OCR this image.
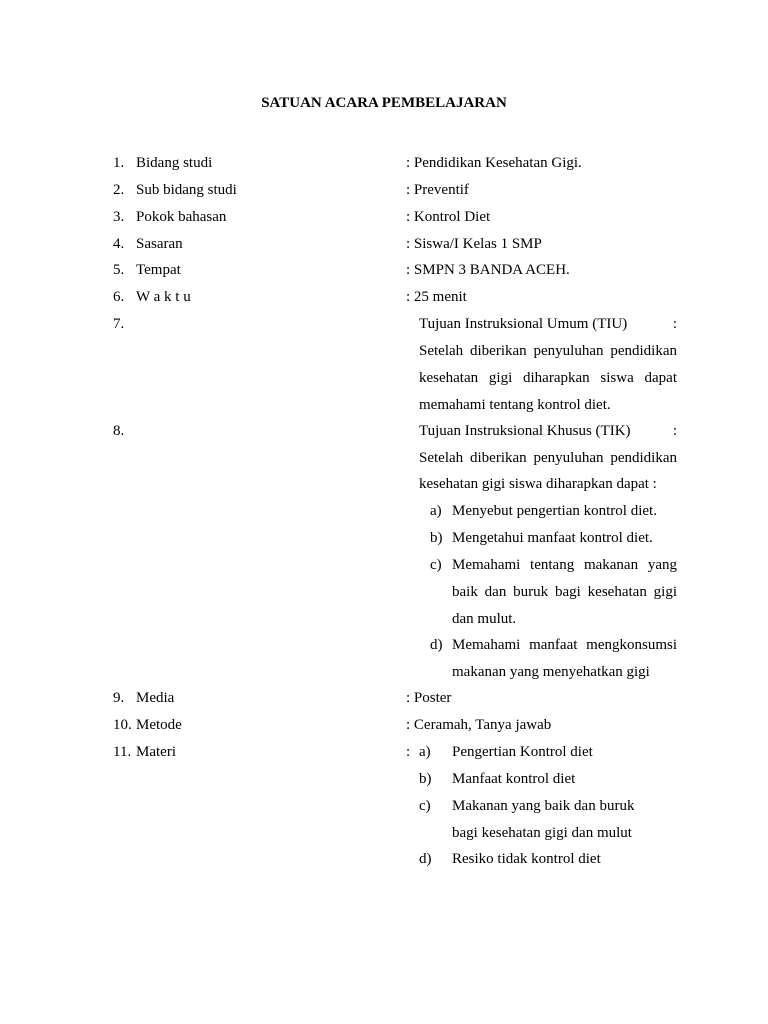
SATUAN ACARA PEMBELAJARAN
1. Bidang studi	: Pendidikan Kesehatan Gigi.
2. Sub bidang studi	: Preventif
3. Pokok bahasan	: Kontrol Diet
4. Sasaran	: Siswa/I Kelas 1 SMP
5. Tempat	: SMPN 3 BANDA ACEH.
6. W a k t u	: 25 menit
7.	Tujuan Instruksional Umum (TIU)	:
Setelah diberikan penyuluhan pendidikan
kesehatan gigi diharapkan siswa dapat
memahami tentang kontrol diet.
8.	Tujuan Instruksional Khusus (TIK)	:
Setelah diberikan penyuluhan pendidikan
kesehatan gigi siswa diharapkan dapat :
a) Menyebut pengertian kontrol diet.
b) Mengetahui manfaat kontrol diet.
c) Memahami tentang makanan yang
baik dan buruk bagi kesehatan gigi
dan mulut.
d) Memahami manfaat mengkonsumsi
makanan yang menyehatkan gigi
9. Media	: Poster
10. Metode	: Ceramah, Tanya jawab
11. Materi	: a) Pengertian Kontrol diet
b) Manfaat kontrol diet
c) Makanan yang baik dan buruk
bagi kesehatan gigi dan mulut
d) Resiko tidak kontrol diet
